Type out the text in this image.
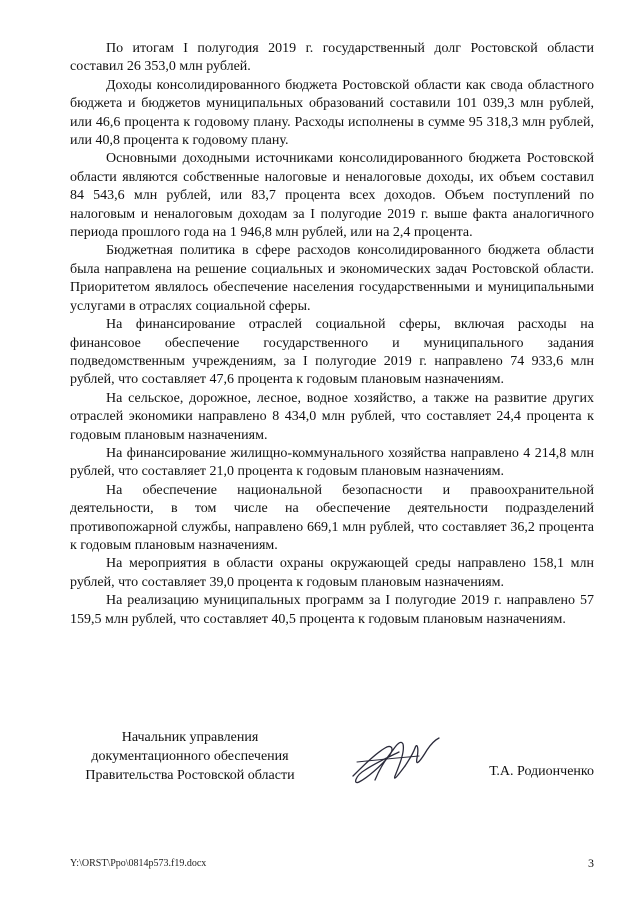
По итогам I полугодия 2019 г. государственный долг Ростовской области составил 26 353,0 млн рублей.

Доходы консолидированного бюджета Ростовской области как свода областного бюджета и бюджетов муниципальных образований составили 101 039,3 млн рублей, или 46,6 процента к годовому плану. Расходы исполнены в сумме 95 318,3 млн рублей, или 40,8 процента к годовому плану.

Основными доходными источниками консолидированного бюджета Ростовской области являются собственные налоговые и неналоговые доходы, их объем составил 84 543,6 млн рублей, или 83,7 процента всех доходов. Объем поступлений по налоговым и неналоговым доходам за I полугодие 2019 г. выше факта аналогичного периода прошлого года на 1 946,8 млн рублей, или на 2,4 процента.

Бюджетная политика в сфере расходов консолидированного бюджета области была направлена на решение социальных и экономических задач Ростовской области. Приоритетом являлось обеспечение населения государственными и муниципальными услугами в отраслях социальной сферы.

На финансирование отраслей социальной сферы, включая расходы на финансовое обеспечение государственного и муниципального задания подведомственным учреждениям, за I полугодие 2019 г. направлено 74 933,6 млн рублей, что составляет 47,6 процента к годовым плановым назначениям.

На сельское, дорожное, лесное, водное хозяйство, а также на развитие других отраслей экономики направлено 8 434,0 млн рублей, что составляет 24,4 процента к годовым плановым назначениям.

На финансирование жилищно-коммунального хозяйства направлено 4 214,8 млн рублей, что составляет 21,0 процента к годовым плановым назначениям.

На обеспечение национальной безопасности и правоохранительной деятельности, в том числе на обеспечение деятельности подразделений противопожарной службы, направлено 669,1 млн рублей, что составляет 36,2 процента к годовым плановым назначениям.

На мероприятия в области охраны окружающей среды направлено 158,1 млн рублей, что составляет 39,0 процента к годовым плановым назначениям.

На реализацию муниципальных программ за I полугодие 2019 г. направлено 57 159,5 млн рублей, что составляет 40,5 процента к годовым плановым назначениям.

Начальник управления
документационного обеспечения
Правительства Ростовской области	Т.А. Родионченко
Y:\ORST\Ppo\0814p573.f19.docx	3
